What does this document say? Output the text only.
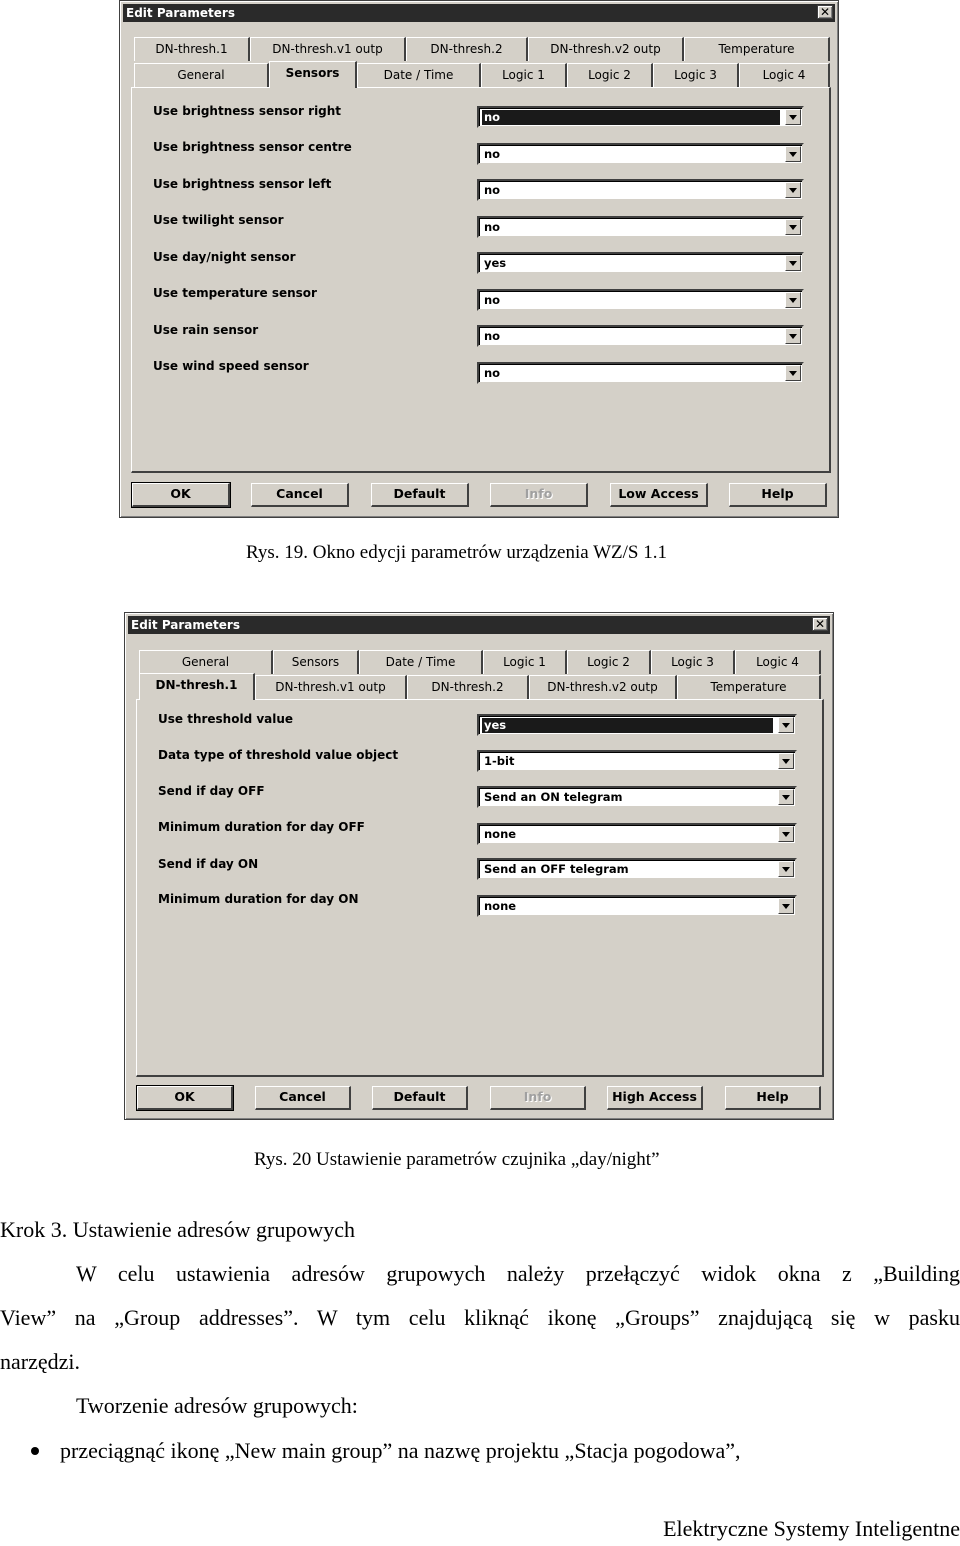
Edit Parameters	✕
DN-thresh.1	DN-thresh.v1 outp	DN-thresh.2	DN-thresh.v2 outp	Temperature
General	Sensors	Date / Time	Logic 1	Logic 2	Logic 3	Logic 4
Use brightness sensor right	no
Use brightness sensor centre	no
Use brightness sensor left	no
Use twilight sensor	no
Use day/night sensor	yes
Use temperature sensor	no
Use rain sensor	no
Use wind speed sensor	no
OK	Cancel	Default	Info	Low Access	Help
Rys. 19. Okno edycji parametrów urządzenia WZ/S 1.1
Edit Parameters	✕
General	Sensors	Date / Time	Logic 1	Logic 2	Logic 3	Logic 4
DN-thresh.1	DN-thresh.v1 outp	DN-thresh.2	DN-thresh.v2 outp	Temperature
Use threshold value	yes
Data type of threshold value object	1-bit
Send if day OFF	Send an ON telegram
Minimum duration for day OFF	none
Send if day ON	Send an OFF telegram
Minimum duration for day ON	none
OK	Cancel	Default	Info	High Access	Help
Rys. 20 Ustawienie parametrów czujnika „day/night”
Krok 3. Ustawienie adresów grupowych
W celu ustawienia adresów grupowych należy przełączyć widok okna z „Building
View” na „Group addresses”. W tym celu kliknąć ikonę „Groups” znajdującą się w pasku
narzędzi.
Tworzenie adresów grupowych:
przeciągnąć ikonę „New main group” na nazwę projektu „Stacja pogodowa”,
Elektryczne Systemy Inteligentne
